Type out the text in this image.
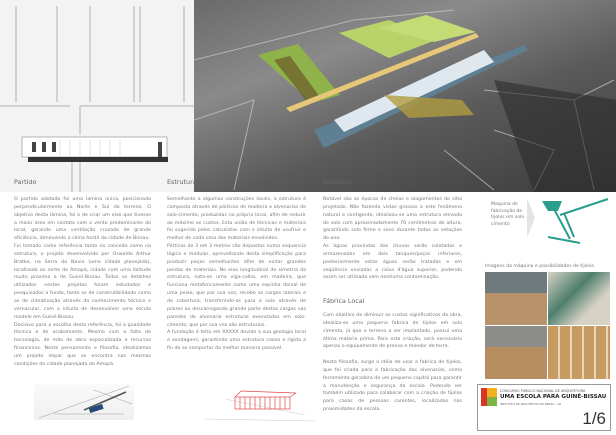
Partido

O partido adotado foi uma lamina única, posicionada perpendicularmente ao Norte e Sul do terreno. O objetivo desta lâmina, foi o de criar um eixo que tivesse a maior área em contato com o vento predominante do local, gerando uma ventilação cruzada de grande eficiência, diminuindo o clima hostil da cidade de Bissau.

Foi tomado como referência tanto no conceito como na estrutura, o projeto desenvolvido por Oswaldo Arthur Bratke, na Serra do Navio (uma cidade planejada), localizada ao norte do Amapá, cidade com uma latitude muito proxima a de Guiné-Bissau. Todos os detalhes utilizados nestes projetos foram estudados e pesquisados a fundo, tanto os de construtibilidade como os de climatização através do conhecimento técnico e vernacular, com o intuito de desenvolver uma escola modelo em Guiné-Bissau.

Decisivo para a escolha desta referência, foi a qualidade técnica e de acabamento. Mesmo com a falta de tecnologia, de mão de obra especializada e recursos financeiros. Neste pensamento e filosofia, idealizamos um projeto impar que se encontra nas mesmas condições da cidade planejada do Amapá.

Estrutura

Semelhante a algumas construções locais, a estrutura é composta através de pórticos de madeira e alvenarias de solo-cimento, produzidas no próprio local, afim de reduzir ao máximo os custos. Esta união de técnicas e materiais foi sugerida pelos calculistas com o intuito de usufruir o melhor de cada uma dos materiais envolvidos.

Pórticos de 3 em 3 metros são dispostos numa sequencia lógica e modular, aproveitando desta simplificação para produzir peças semelhantes afim de evitar grandes perdas de materiais. No eixo longitudinal de simetria da estrutura, nota-se uma viga-calha, em madeira, que funciona metaforicamente como uma espinha dorsal de uma peixe, que por sua vez, recebe as cargas laterais e de cobertura, transferindo-as para o solo através de pilares ou descarregando grande parte destas cargas nas paredes de alvenaria estrutural executadas em solo-cimento, que por sua vez são estruturais.

A fundação é feita em XXXXX devido a sua geologia local e sondagens, garantindo uma estrutura coesa e rígida a fin de se comportar da melhor maneira possível.

Natureza

Notável são as épocas de cheias e alagamentos do sítio projetado. Não fazendo vistas grossas a este fenômeno natural e contigente, idealizou-se uma estrutura elevada do solo com aproximadamente 70 centímetros de altura, garantindo solo firme e seco durante todas as estações do ano.

As águas provindas das chuvas serão coletadas e armazenadas em dois tanques/poços inferiores, posteriormente estas águas serão tratadas e em seqüência enviadas a caixa d'água superior, podendo assim ser utilizada sem nenhuma contaminação.

Fábrica Local

Com objetivo de diminuir os custos significativos da obra, idealiza-se uma pequena fabrica de tijolos em solo cimento, já que o terreno a ser implantado, possui uma ótima materia prima. Para esta criação, será necessário apenas o equipamento de prensa e moedor de terra.

Nesta filosofia, surge a idéia de usar a fabrica de tijolos, que foi criada para a fabricação das alvenarias, como ferramenta geradora de um pequeno capital para garantir a manutenção e segurança da escola. Podendo ser também utilizado para colaborar com a criação de tijolos para casas de pessoas carentes, localizadas nas proximidades da escola.

Maquina de fabricação de tijolos em solo cimento
Imagens da máquina e possibilidades de tijolos.
CONCURSO PÚBLICO NACIONAL DE ARQUITETURA
UMA ESCOLA PARA GUINÉ-BISSAU
INSTITUTO DE ARQUITETOS DO BRASIL - CE
1/6
